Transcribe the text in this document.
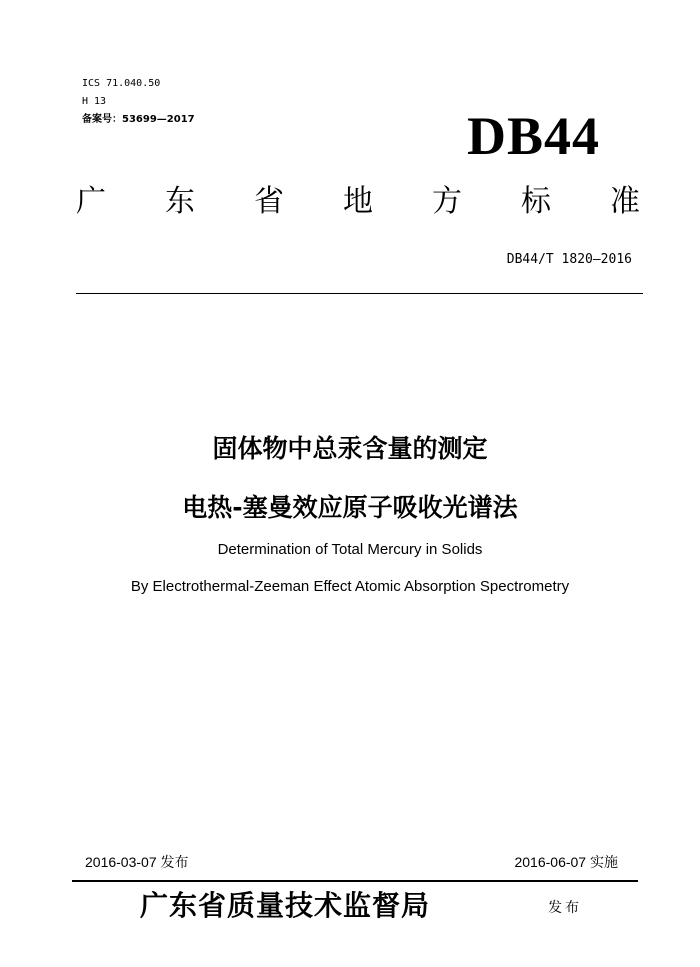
ICS 71.040.50
H 13
备案号：53699—2017	DB44
广 东 省 地 方 标 准
DB44/T 1820—2016
固体物中总汞含量的测定
电热-塞曼效应原子吸收光谱法
Determination of Total Mercury in Solids
By Electrothermal-Zeeman Effect Atomic Absorption Spectrometry
2016-03-07 发布	2016-06-07 实施
广东省质量技术监督局	发布
